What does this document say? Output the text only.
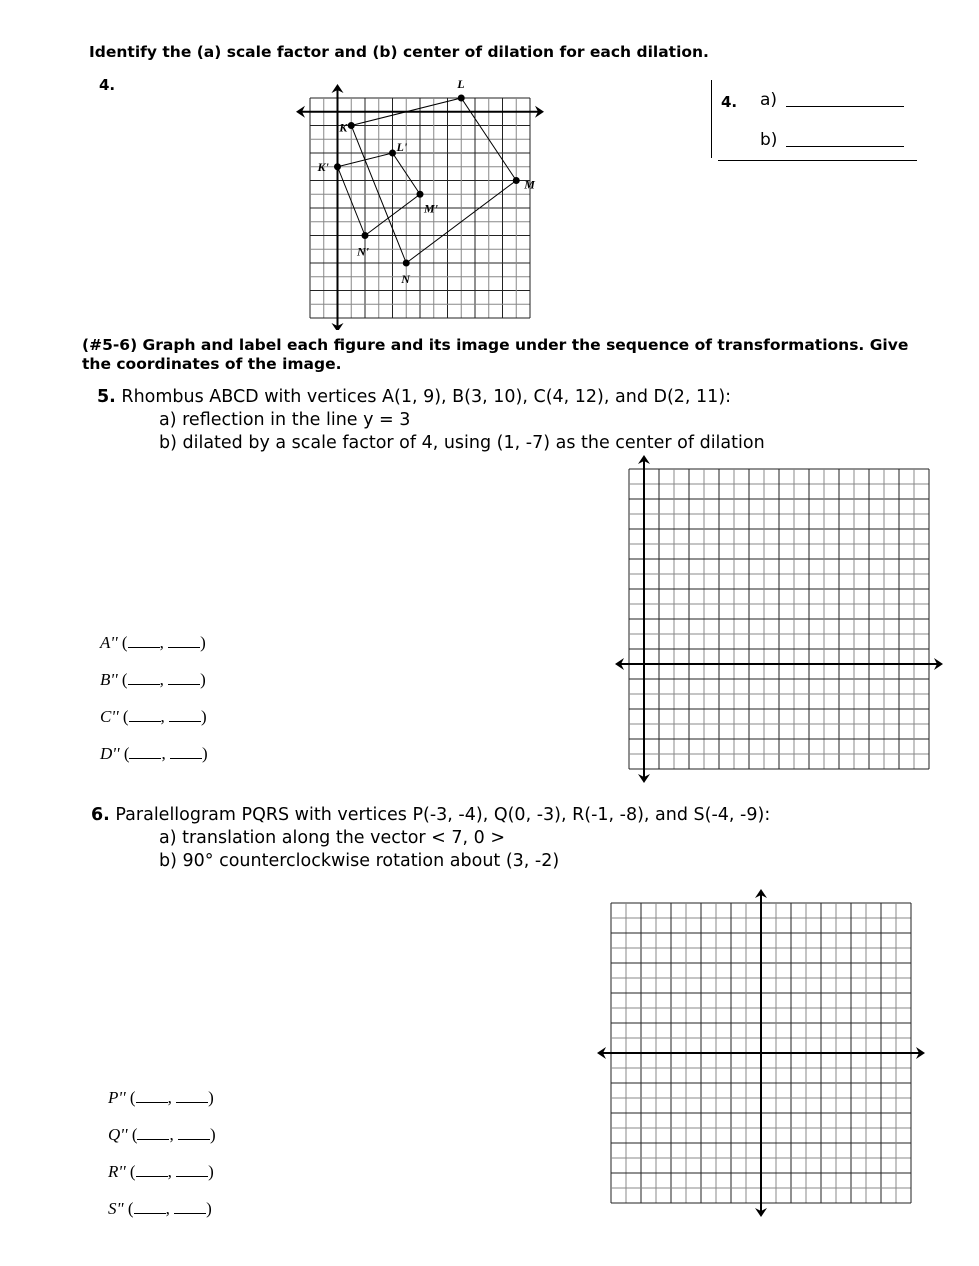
Identify the (a) scale factor and (b) center of dilation for each dilation.
4.
K
L
M
N
K'
L'
M'
N'
4. a)
b)
(#5-6) Graph and label each figure and its image under the sequence of transformations. Give
the coordinates of the image.
5. Rhombus ABCD with vertices A(1, 9), B(3, 10), C(4, 12), and D(2, 11):
a) reflection in the line y = 3
b) dilated by a scale factor of 4, using (1, -7) as the center of dilation
A'' ( , )
B'' ( , )
C'' ( , )
D'' ( , )
6. Paralellogram PQRS with vertices P(-3, -4), Q(0, -3), R(-1, -8), and S(-4, -9):
a) translation along the vector < 7, 0 >
b) 90° counterclockwise rotation about (3, -2)
P'' ( , )
Q'' ( , )
R'' ( , )
S" ( , )
